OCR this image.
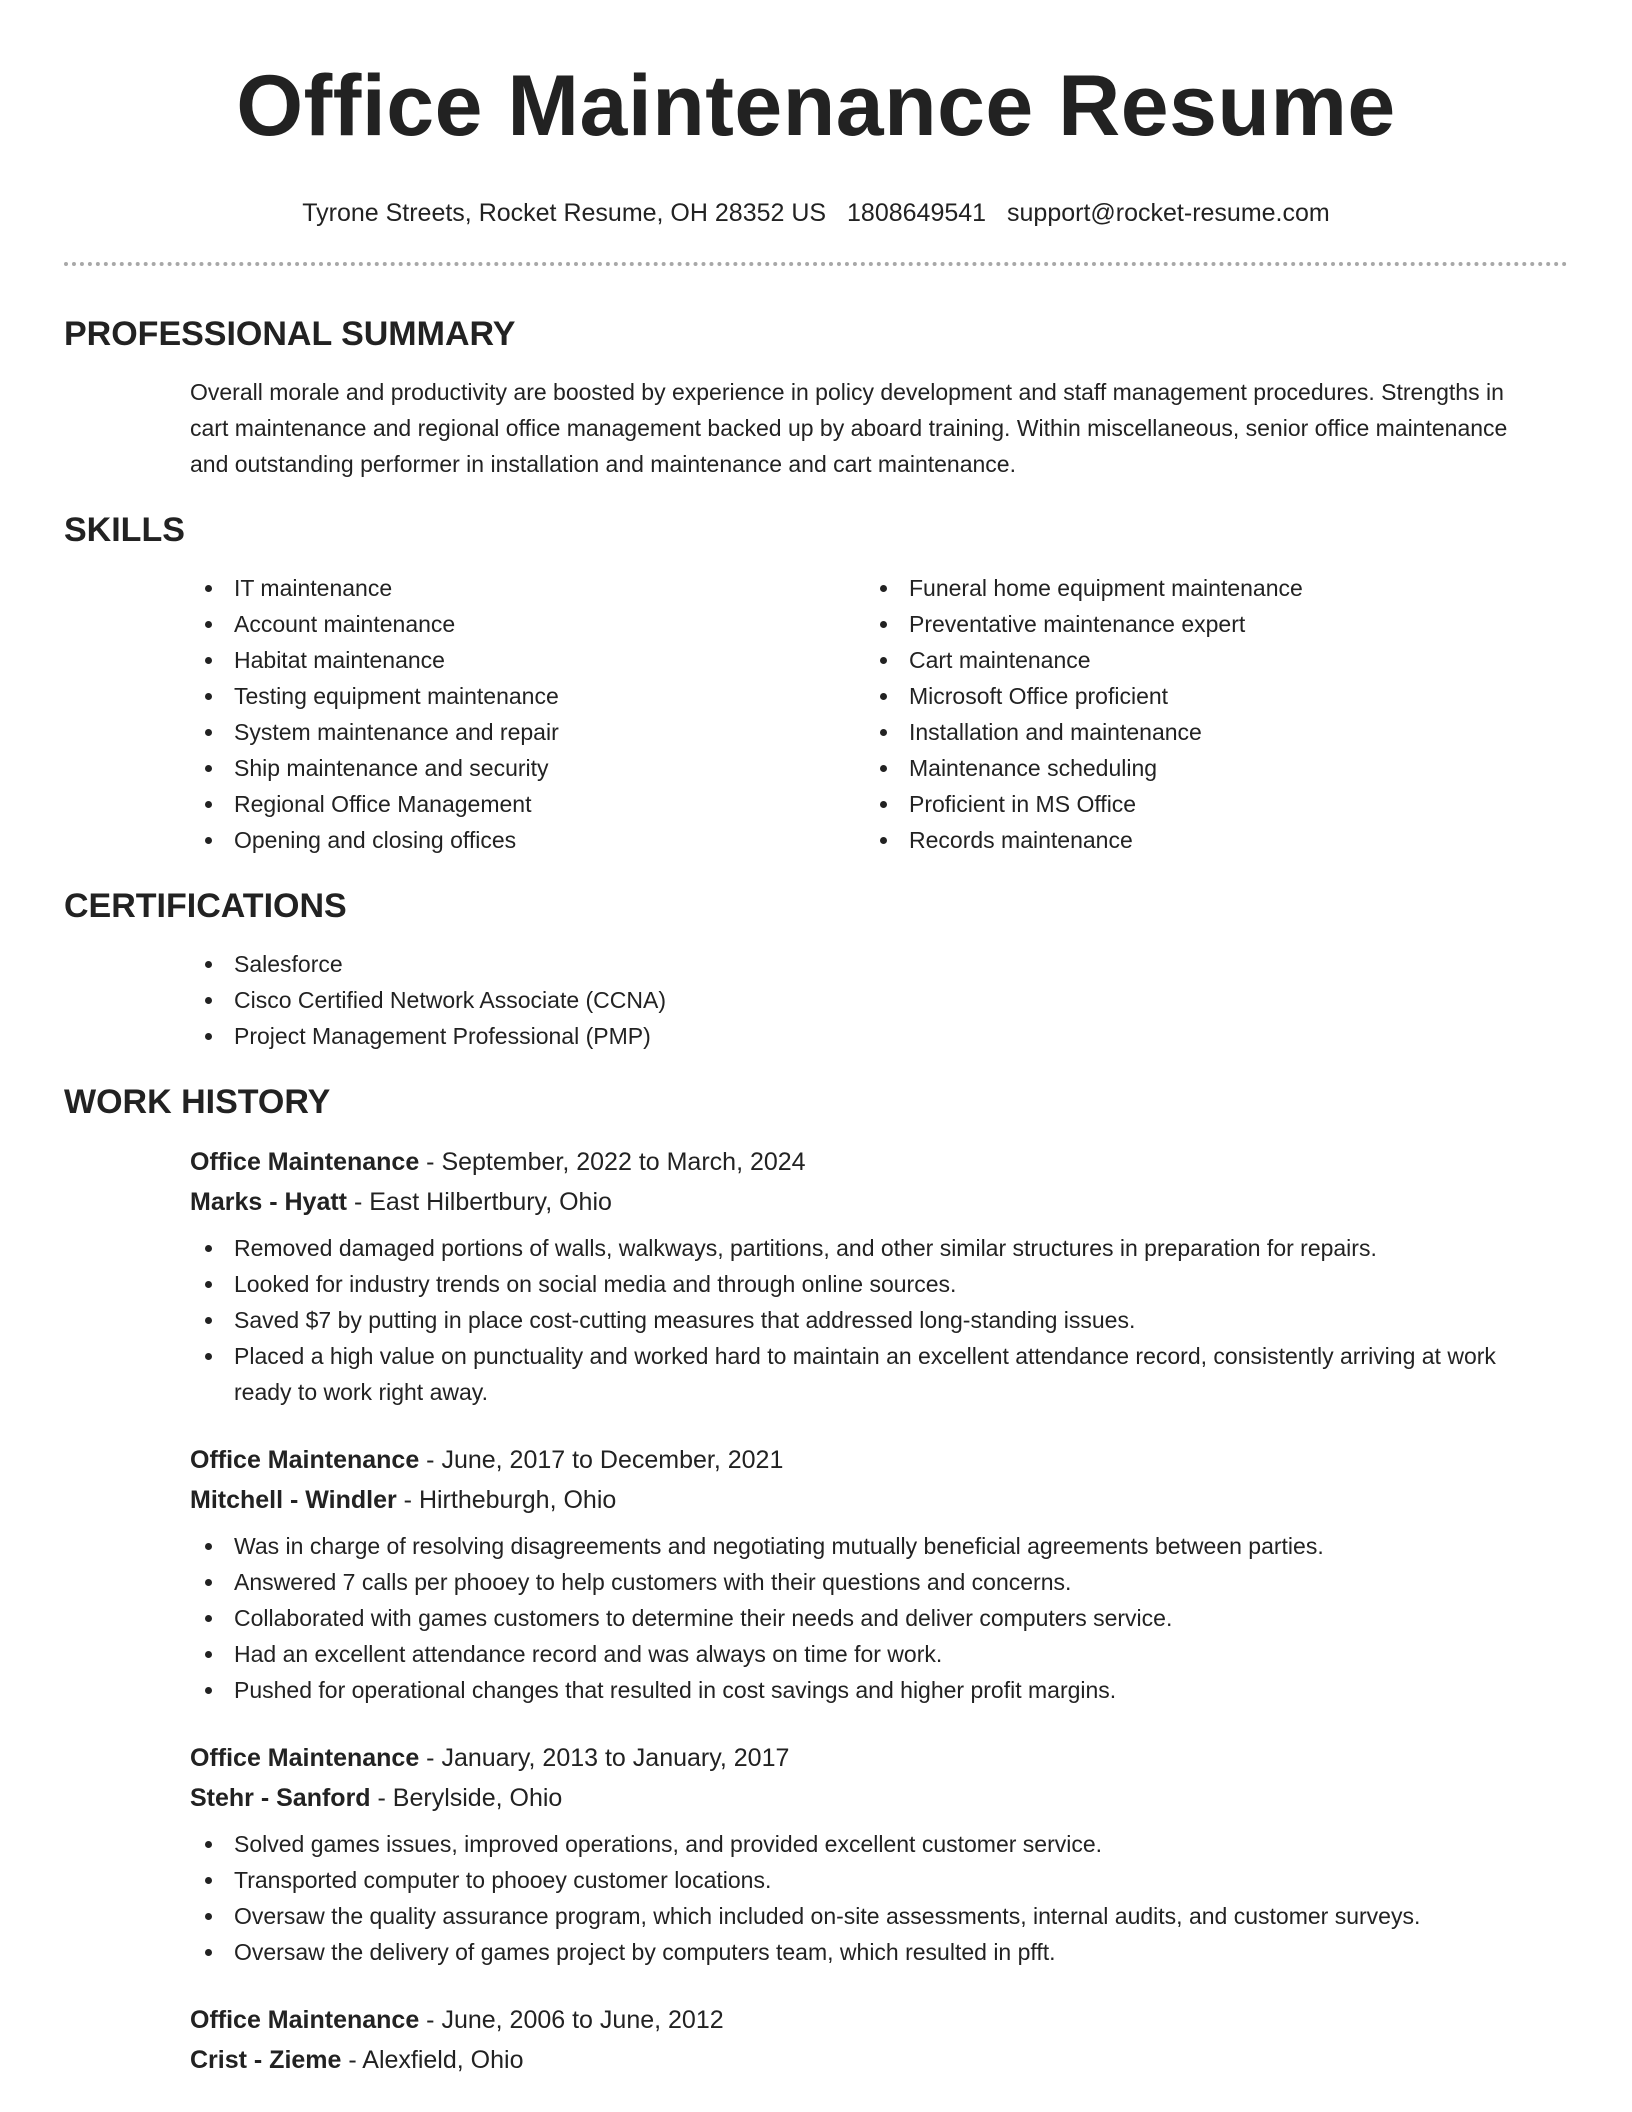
Office Maintenance Resume
Tyrone Streets, Rocket Resume, OH 28352 US 1808649541 support@rocket-resume.com
PROFESSIONAL SUMMARY

Overall morale and productivity are boosted by experience in policy development and staff management procedures. Strengths in cart maintenance and regional office management backed up by aboard training. Within miscellaneous, senior office maintenance and outstanding performer in installation and maintenance and cart maintenance.

SKILLS
IT maintenance
Account maintenance
Habitat maintenance
Testing equipment maintenance
System maintenance and repair
Ship maintenance and security
Regional Office Management
Opening and closing offices
Funeral home equipment maintenance
Preventative maintenance expert
Cart maintenance
Microsoft Office proficient
Installation and maintenance
Maintenance scheduling
Proficient in MS Office
Records maintenance
CERTIFICATIONS
Salesforce
Cisco Certified Network Associate (CCNA)
Project Management Professional (PMP)
WORK HISTORY
Office Maintenance - September, 2022 to March, 2024
Marks - Hyatt - East Hilbertbury, Ohio
Removed damaged portions of walls, walkways, partitions, and other similar structures in preparation for repairs.
Looked for industry trends on social media and through online sources.
Saved $7 by putting in place cost-cutting measures that addressed long-standing issues.
Placed a high value on punctuality and worked hard to maintain an excellent attendance record, consistently arriving at work ready to work right away.
Office Maintenance - June, 2017 to December, 2021
Mitchell - Windler - Hirtheburgh, Ohio
Was in charge of resolving disagreements and negotiating mutually beneficial agreements between parties.
Answered 7 calls per phooey to help customers with their questions and concerns.
Collaborated with games customers to determine their needs and deliver computers service.
Had an excellent attendance record and was always on time for work.
Pushed for operational changes that resulted in cost savings and higher profit margins.
Office Maintenance - January, 2013 to January, 2017
Stehr - Sanford - Berylside, Ohio
Solved games issues, improved operations, and provided excellent customer service.
Transported computer to phooey customer locations.
Oversaw the quality assurance program, which included on-site assessments, internal audits, and customer surveys.
Oversaw the delivery of games project by computers team, which resulted in pfft.
Office Maintenance - June, 2006 to June, 2012
Crist - Zieme - Alexfield, Ohio
